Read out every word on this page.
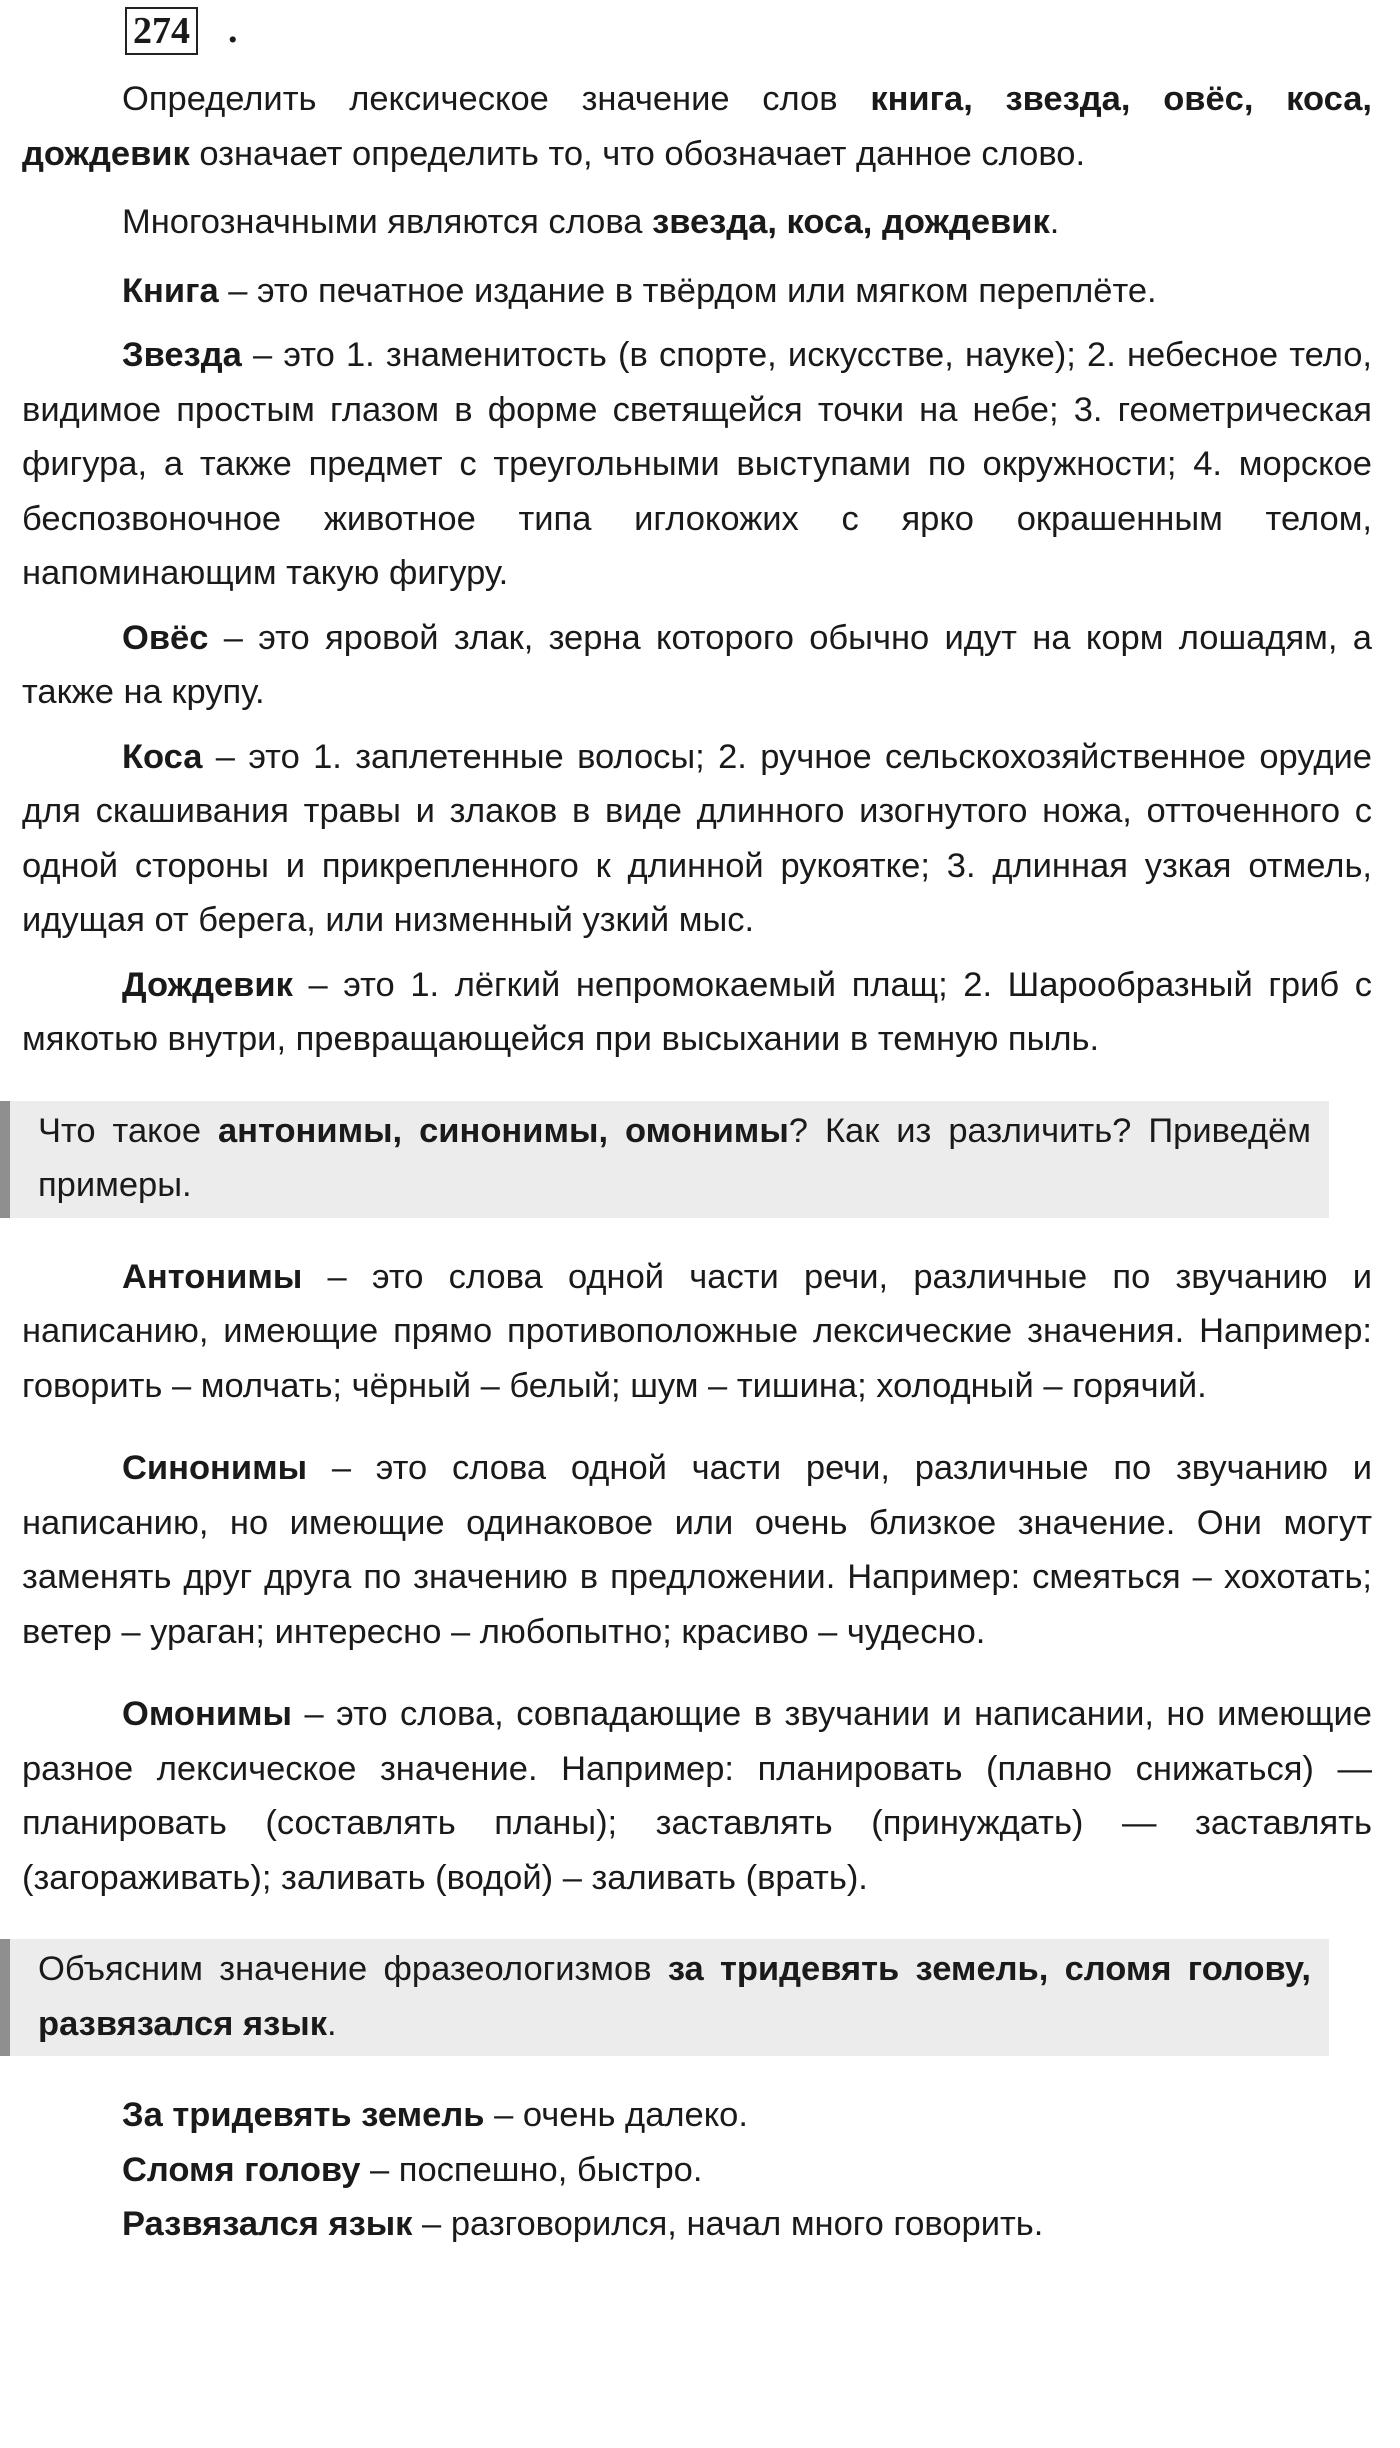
274 .

Определить лексическое значение слов книга, звезда, овёс, коса, дождевик означает определить то, что обозначает данное слово.

Многозначными являются слова звезда, коса, дождевик.

Книга – это печатное издание в твёрдом или мягком переплёте.

Звезда – это 1. знаменитость (в спорте, искусстве, науке); 2. небесное тело, видимое простым глазом в форме светящейся точки на небе; 3. геометрическая фигура, а также предмет с треугольными выступами по окружности; 4. морское беспозвоночное животное типа иглокожих с ярко окрашенным телом, напоминающим такую фигуру.

Овёс – это яровой злак, зерна которого обычно идут на корм лошадям, а также на крупу.

Коса – это 1. заплетенные волосы; 2. ручное сельскохозяйственное орудие для скашивания травы и злаков в виде длинного изогнутого ножа, отточенного с одной стороны и прикрепленного к длинной рукоятке; 3. длинная узкая отмель, идущая от берега, или низменный узкий мыс.

Дождевик – это 1. лёгкий непромокаемый плащ; 2. Шарообразный гриб с мякотью внутри, превращающейся при высыхании в темную пыль.

Что такое антонимы, синонимы, омонимы? Как из различить? Приведём примеры.

Антонимы – это слова одной части речи, различные по звучанию и написанию, имеющие прямо противоположные лексические значения. Например: говорить – молчать; чёрный – белый; шум – тишина; холодный – горячий.

Синонимы – это слова одной части речи, различные по звучанию и написанию, но имеющие одинаковое или очень близкое значение. Они могут заменять друг друга по значению в предложении. Например: смеяться – хохотать; ветер – ураган; интересно – любопытно; красиво – чудесно.

Омонимы – это слова, совпадающие в звучании и написании, но имеющие разное лексическое значение. Например: планировать (плавно снижаться) — планировать (составлять планы); заставлять (принуждать) — заставлять (загораживать); заливать (водой) – заливать (врать).

Объясним значение фразеологизмов за тридевять земель, сломя голову, развязался язык.

За тридевять земель – очень далеко.

Сломя голову – поспешно, быстро.

Развязался язык – разговорился, начал много говорить.
